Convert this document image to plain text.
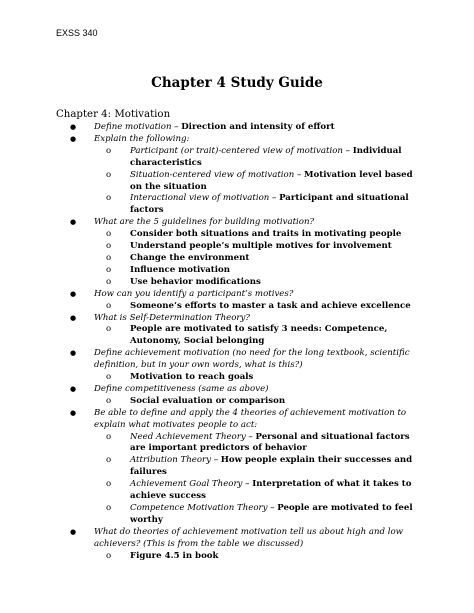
EXSS 340
Chapter 4 Study Guide
Chapter 4: Motivation
● Define motivation – Direction and intensity of effort
● Explain the following:
o Participant (or trait)-centered view of motivation – Individual characteristics
o Situation-centered view of motivation – Motivation level based on the situation
o Interactional view of motivation – Participant and situational factors
● What are the 5 guidelines for building motivation?
o Consider both situations and traits in motivating people
o Understand people’s multiple motives for involvement
o Change the environment
o Influence motivation
o Use behavior modifications
● How can you identify a participant’s motives?
o Someone’s efforts to master a task and achieve excellence
● What is Self-Determination Theory?
o People are motivated to satisfy 3 needs: Competence, Autonomy, Social belonging
● Define achievement motivation (no need for the long textbook, scientific definition, but in your own words, what is this?)
o Motivation to reach goals
● Define competitiveness (same as above)
o Social evaluation or comparison
● Be able to define and apply the 4 theories of achievement motivation to explain what motivates people to act:
o Need Achievement Theory – Personal and situational factors are important predictors of behavior
o Attribution Theory – How people explain their successes and failures
o Achievement Goal Theory – Interpretation of what it takes to achieve success
o Competence Motivation Theory – People are motivated to feel worthy
● What do theories of achievement motivation tell us about high and low achievers? (This is from the table we discussed)
o Figure 4.5 in book
